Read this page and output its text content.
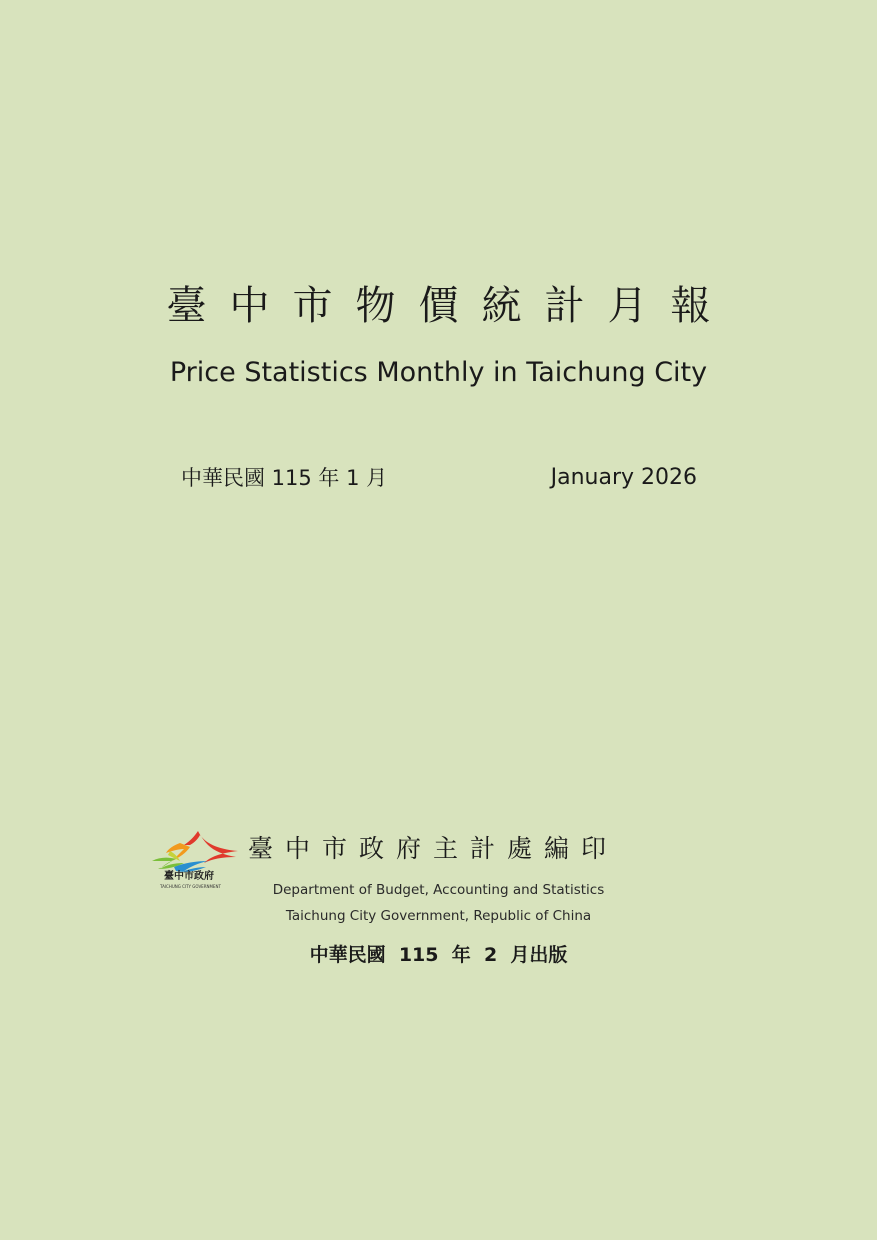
臺中市物價統計月報
Price Statistics Monthly in Taichung City
中華民國 115 年 1 月	January 2026
臺中市政府
TAICHUNG CITY GOVERNMENT
臺中市政府主計處編印
Department of Budget, Accounting and Statistics
Taichung City Government, Republic of China
中華民國  115  年  2  月出版
